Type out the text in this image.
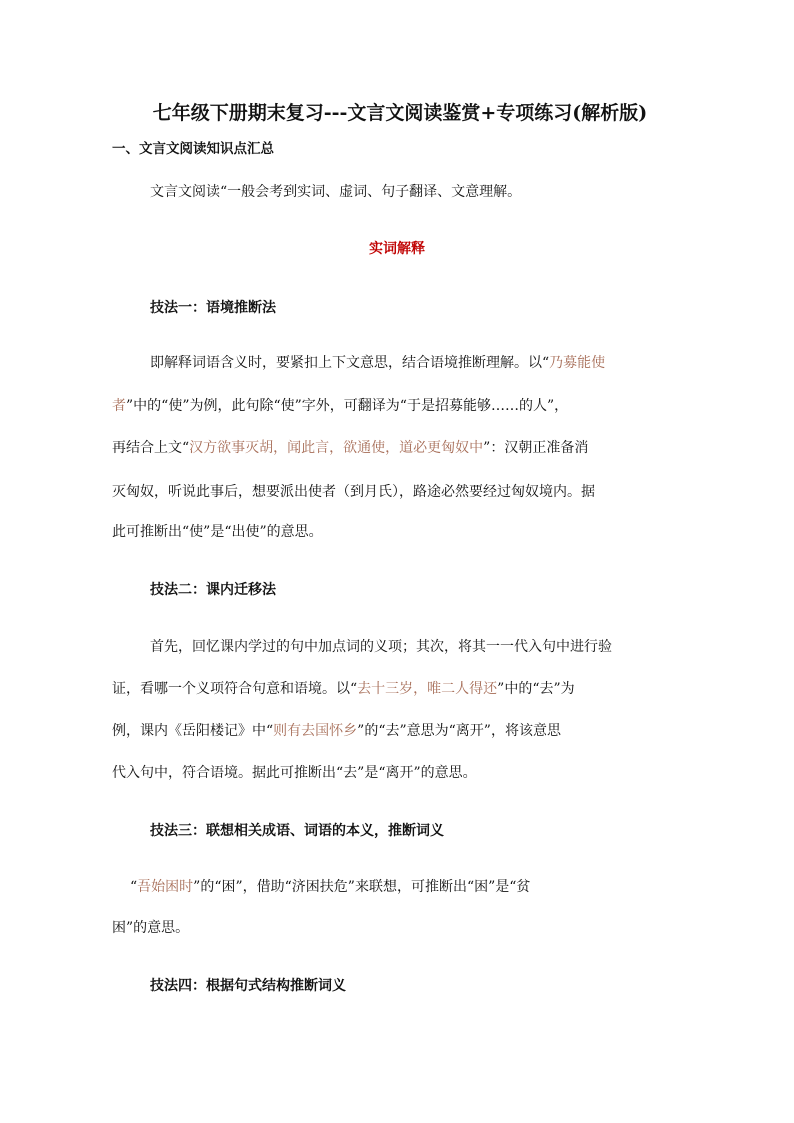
七年级下册期末复习---文言文阅读鉴赏+专项练习(解析版)
一、文言文阅读知识点汇总
文言文阅读“一般会考到实词、虚词、句子翻译、文意理解。
实词解释
技法一：语境推断法
即解释词语含义时，要紧扣上下文意思，结合语境推断理解。以“乃募能使
者”中的“使”为例，此句除“使”字外，可翻译为“于是招募能够……的人”，
再结合上文“汉方欲事灭胡，闻此言，欲通使，道必更匈奴中”：汉朝正准备消
灭匈奴，听说此事后，想要派出使者（到月氏），路途必然要经过匈奴境内。据
此可推断出“使”是“出使”的意思。
技法二：课内迁移法
首先，回忆课内学过的句中加点词的义项；其次，将其一一代入句中进行验
证，看哪一个义项符合句意和语境。以“去十三岁，唯二人得还”中的“去”为
例，课内《岳阳楼记》中“则有去国怀乡”的“去”意思为“离开”，将该意思
代入句中，符合语境。据此可推断出“去”是“离开”的意思。
技法三：联想相关成语、词语的本义，推断词义
“吾始困时”的“困”，借助“济困扶危”来联想，可推断出“困”是“贫
困”的意思。
技法四：根据句式结构推断词义
